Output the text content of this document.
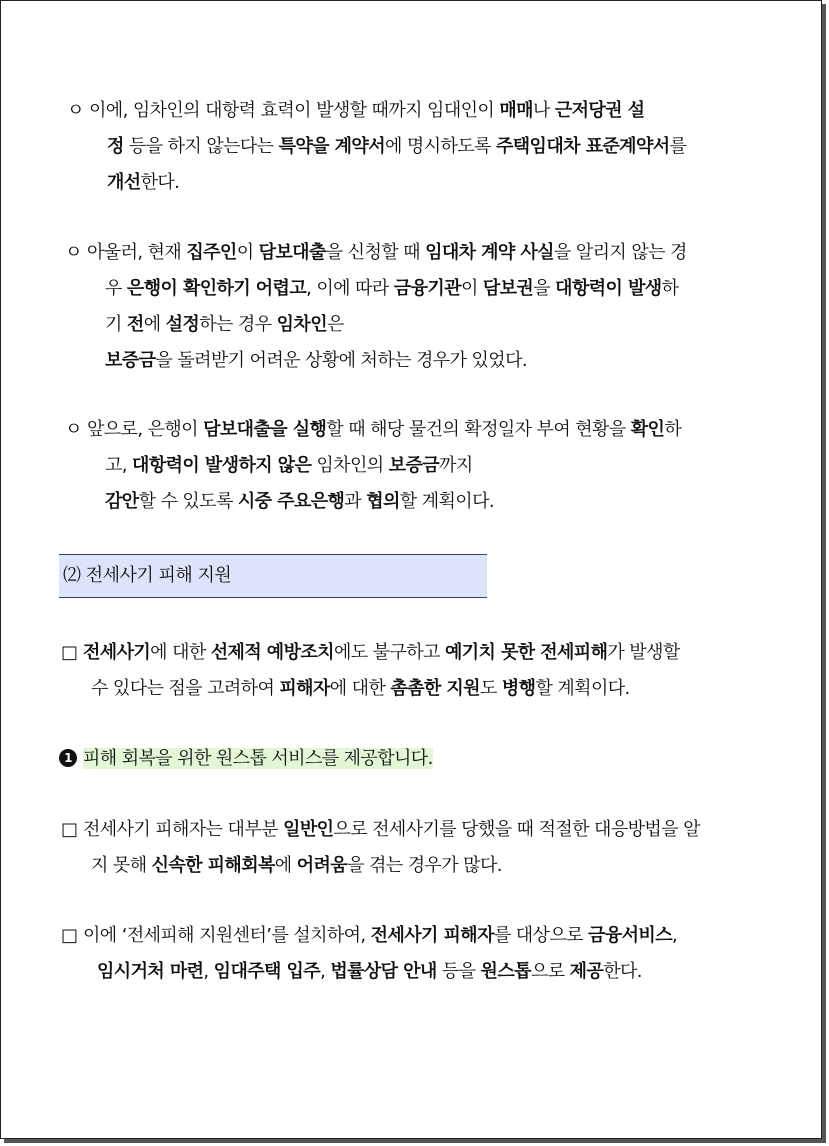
ㅇ 이에, 임차인의 대항력 효력이 발생할 때까지 임대인이 매매나 근저당권 설
정 등을 하지 않는다는 특약을 계약서에 명시하도록 주택임대차 표준계약서를
개선한다.
ㅇ 아울러, 현재 집주인이 담보대출을 신청할 때 임대차 계약 사실을 알리지 않는 경
우 은행이 확인하기 어렵고, 이에 따라 금융기관이 담보권을 대항력이 발생하
기 전에 설정하는 경우 임차인은
보증금을 돌려받기 어려운 상황에 처하는 경우가 있었다.
ㅇ 앞으로, 은행이 담보대출을 실행할 때 해당 물건의 확정일자 부여 현황을 확인하
고, 대항력이 발생하지 않은 임차인의 보증금까지
감안할 수 있도록 시중 주요은행과 협의할 계획이다.
⑵ 전세사기 피해 지원
□ 전세사기에 대한 선제적 예방조치에도 불구하고 예기치 못한 전세피해가 발생할
수 있다는 점을 고려하여 피해자에 대한 촘촘한 지원도 병행할 계획이다.
1 피해 회복을 위한 원스톱 서비스를 제공합니다.
□ 전세사기 피해자는 대부분 일반인으로 전세사기를 당했을 때 적절한 대응방법을 알
지 못해 신속한 피해회복에 어려움을 겪는 경우가 많다.
□ 이에 ‘전세피해 지원센터’를 설치하여, 전세사기 피해자를 대상으로 금융서비스,
임시거처 마련, 임대주택 입주, 법률상담 안내 등을 원스톱으로 제공한다.
